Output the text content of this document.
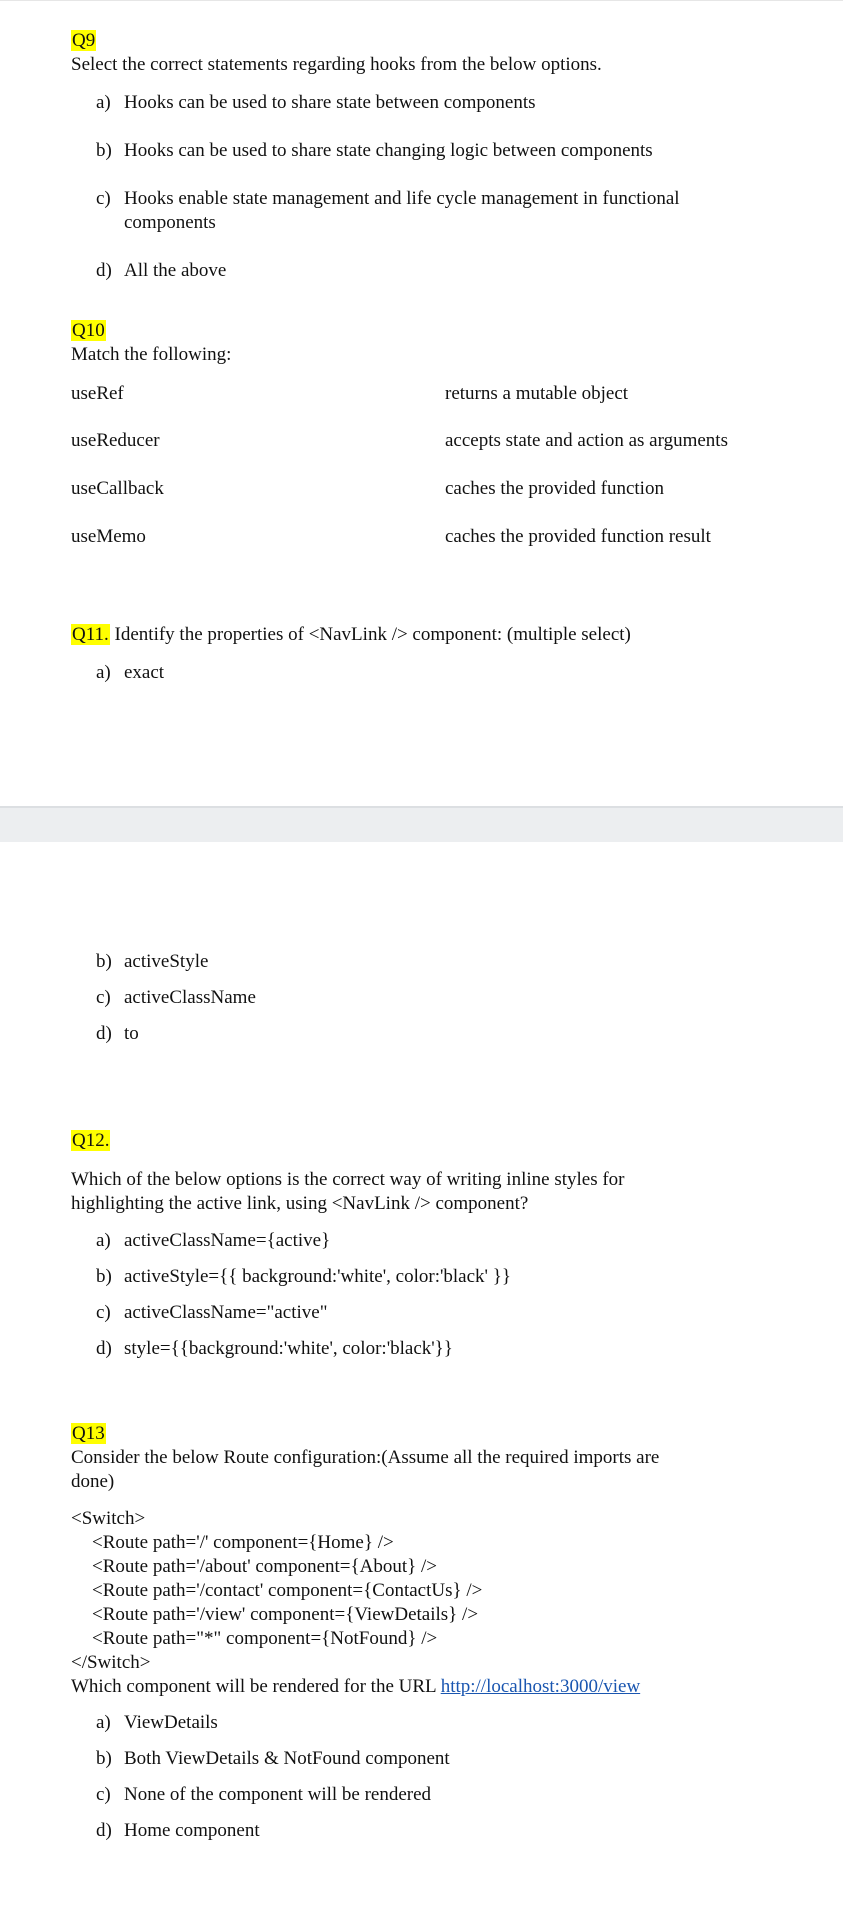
Q9
Select the correct statements regarding hooks from the below options.
a) Hooks can be used to share state between components
b) Hooks can be used to share state changing logic between components
c) Hooks enable state management and life cycle management in functional
components
d) All the above
Q10
Match the following:
useRef	returns a mutable object
useReducer	accepts state and action as arguments
useCallback	caches the provided function
useMemo	caches the provided function result
Q11. Identify the properties of <NavLink /> component: (multiple select)
a) exact
b) activeStyle
c) activeClassName
d) to
Q12.
Which of the below options is the correct way of writing inline styles for
highlighting the active link, using <NavLink /> component?
a) activeClassName={active}
b) activeStyle={{ background:'white', color:'black' }}
c) activeClassName="active"
d) style={{background:'white', color:'black'}}
Q13
Consider the below Route configuration:(Assume all the required imports are
done)
<Switch>
<Route path='/' component={Home} />
<Route path='/about' component={About} />
<Route path='/contact' component={ContactUs} />
<Route path='/view' component={ViewDetails} />
<Route path="*" component={NotFound} />
</Switch>
Which component will be rendered for the URL http://localhost:3000/view
a) ViewDetails
b) Both ViewDetails & NotFound component
c) None of the component will be rendered
d) Home component
